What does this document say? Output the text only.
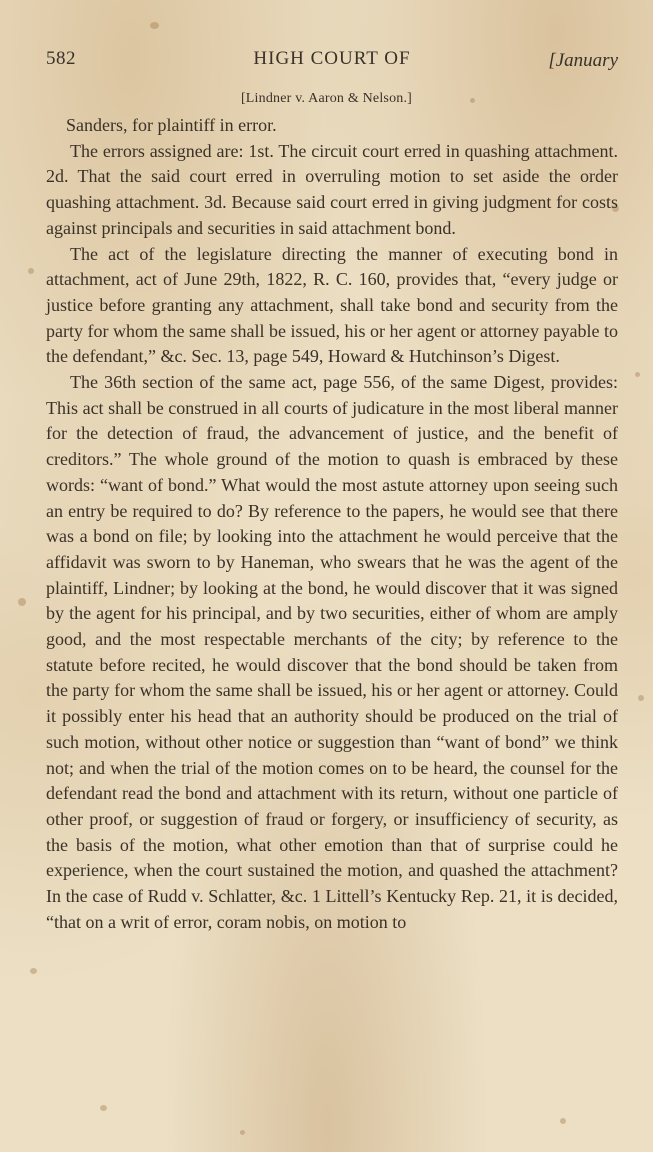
582	HIGH COURT OF	[January
[Lindner v. Aaron & Nelson.]

Sanders, for plaintiff in error.

The errors assigned are: 1st. The circuit court erred in quashing attachment. 2d. That the said court erred in overruling motion to set aside the order quashing attachment. 3d. Because said court erred in giving judgment for costs against principals and securities in said attachment bond.

The act of the legislature directing the manner of executing bond in attachment, act of June 29th, 1822, R. C. 160, provides that, “every judge or justice before granting any attachment, shall take bond and security from the party for whom the same shall be issued, his or her agent or attorney payable to the defendant,” &c. Sec. 13, page 549, Howard & Hutchinson’s Digest.

The 36th section of the same act, page 556, of the same Digest, provides: This act shall be construed in all courts of judicature in the most liberal manner for the detection of fraud, the advancement of justice, and the benefit of creditors.” The whole ground of the motion to quash is embraced by these words: “want of bond.” What would the most astute attorney upon seeing such an entry be required to do? By reference to the papers, he would see that there was a bond on file; by looking into the attachment he would perceive that the affidavit was sworn to by Haneman, who swears that he was the agent of the plaintiff, Lindner; by looking at the bond, he would discover that it was signed by the agent for his principal, and by two securities, either of whom are amply good, and the most respectable merchants of the city; by reference to the statute before recited, he would discover that the bond should be taken from the party for whom the same shall be issued, his or her agent or attorney. Could it possibly enter his head that an authority should be produced on the trial of such motion, without other notice or suggestion than “want of bond” we think not; and when the trial of the motion comes on to be heard, the counsel for the defendant read the bond and attachment with its return, without one particle of other proof, or suggestion of fraud or forgery, or insufficiency of security, as the basis of the motion, what other emotion than that of surprise could he experience, when the court sustained the motion, and quashed the attachment? In the case of Rudd v. Schlatter, &c. 1 Littell’s Kentucky Rep. 21, it is decided, “that on a writ of error, coram nobis, on motion to
